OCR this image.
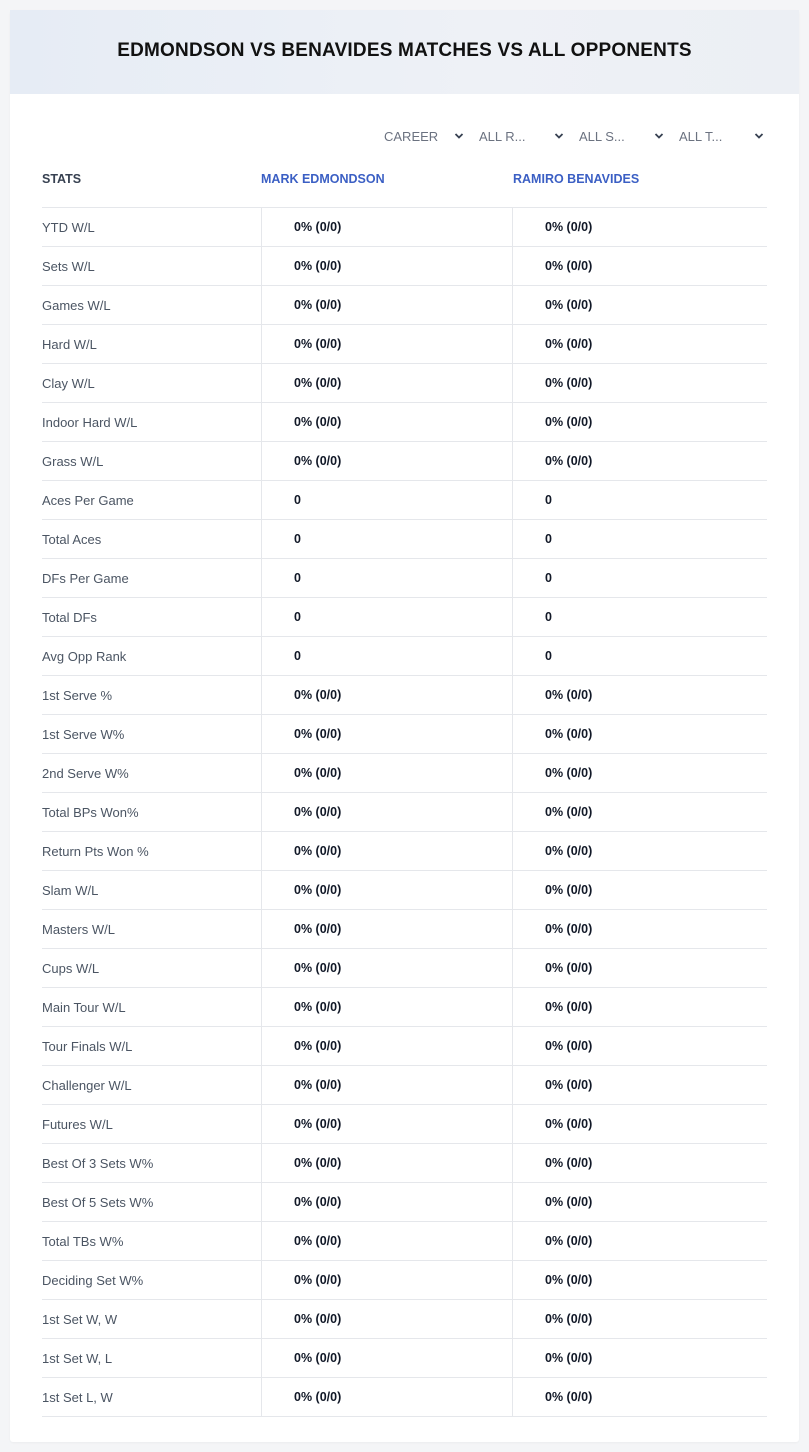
EDMONDSON VS BENAVIDES MATCHES VS ALL OPPONENTS
CAREER	ALL R...	ALL S...	ALL T...
STATS	MARK EDMONDSON	RAMIRO BENAVIDES
YTD W/L	0% (0/0)	0% (0/0)
Sets W/L	0% (0/0)	0% (0/0)
Games W/L	0% (0/0)	0% (0/0)
Hard W/L	0% (0/0)	0% (0/0)
Clay W/L	0% (0/0)	0% (0/0)
Indoor Hard W/L	0% (0/0)	0% (0/0)
Grass W/L	0% (0/0)	0% (0/0)
Aces Per Game	0	0
Total Aces	0	0
DFs Per Game	0	0
Total DFs	0	0
Avg Opp Rank	0	0
1st Serve %	0% (0/0)	0% (0/0)
1st Serve W%	0% (0/0)	0% (0/0)
2nd Serve W%	0% (0/0)	0% (0/0)
Total BPs Won%	0% (0/0)	0% (0/0)
Return Pts Won %	0% (0/0)	0% (0/0)
Slam W/L	0% (0/0)	0% (0/0)
Masters W/L	0% (0/0)	0% (0/0)
Cups W/L	0% (0/0)	0% (0/0)
Main Tour W/L	0% (0/0)	0% (0/0)
Tour Finals W/L	0% (0/0)	0% (0/0)
Challenger W/L	0% (0/0)	0% (0/0)
Futures W/L	0% (0/0)	0% (0/0)
Best Of 3 Sets W%	0% (0/0)	0% (0/0)
Best Of 5 Sets W%	0% (0/0)	0% (0/0)
Total TBs W%	0% (0/0)	0% (0/0)
Deciding Set W%	0% (0/0)	0% (0/0)
1st Set W, W	0% (0/0)	0% (0/0)
1st Set W, L	0% (0/0)	0% (0/0)
1st Set L, W	0% (0/0)	0% (0/0)
